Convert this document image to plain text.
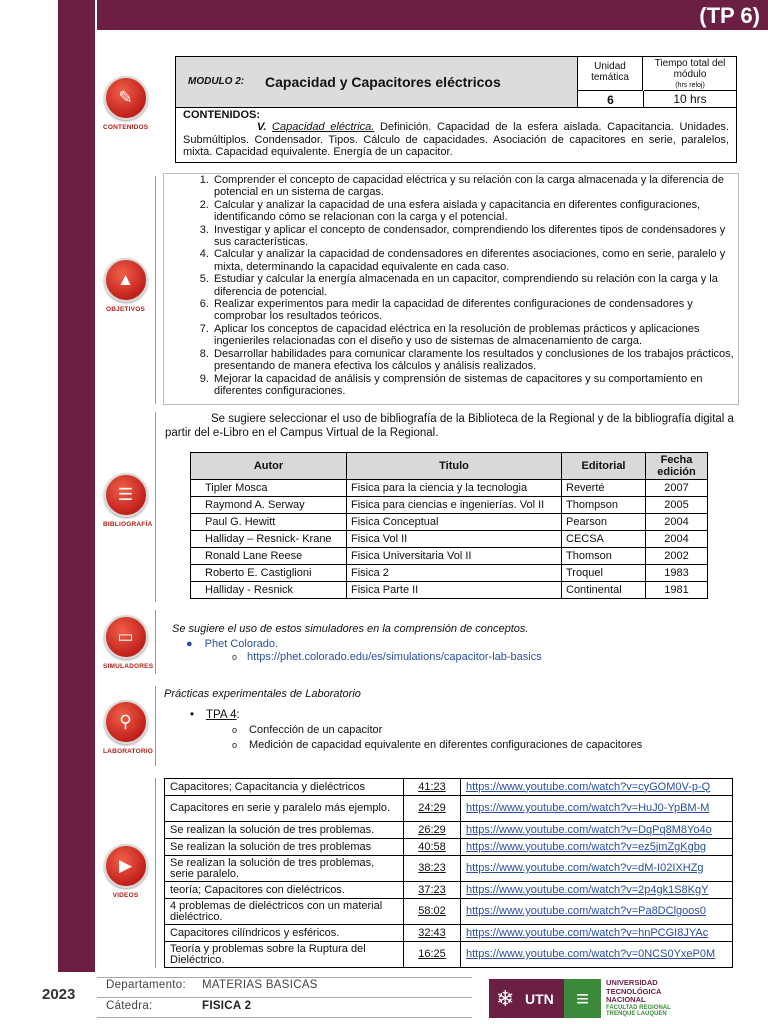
(TP 6)
✎
CONTENIDOS
▲
OBJETIVOS
☰
BIBLIOGRAFÍA
▭
SIMULADORES
⚲
LABORATORIO
▶
VIDEOS
MODULO 2: Capacidad y Capacitores eléctricos
Unidad temática
6
Tiempo total del módulo
(hrs reloj)
10 hrs
CONTENIDOS:
V. Capacidad eléctrica. Definición. Capacidad de la esfera aislada. Capacitancia. Unidades. Submúltiplos. Condensador. Tipos. Cálculo de capacidades. Asociación de capacitores en serie, paralelos, mixta. Capacidad equivalente. Energía de un capacitor.
1. Comprender el concepto de capacidad eléctrica y su relación con la carga almacenada y la diferencia de potencial en un sistema de cargas.
2. Calcular y analizar la capacidad de una esfera aislada y capacitancia en diferentes configuraciones, identificando cómo se relacionan con la carga y el potencial.
3. Investigar y aplicar el concepto de condensador, comprendiendo los diferentes tipos de condensadores y sus características.
4. Calcular y analizar la capacidad de condensadores en diferentes asociaciones, como en serie, paralelo y mixta, determinando la capacidad equivalente en cada caso.
5. Estudiar y calcular la energía almacenada en un capacitor, comprendiendo su relación con la carga y la diferencia de potencial.
6. Realizar experimentos para medir la capacidad de diferentes configuraciones de condensadores y comprobar los resultados teóricos.
7. Aplicar los conceptos de capacidad eléctrica en la resolución de problemas prácticos y aplicaciones ingenieriles relacionadas con el diseño y uso de sistemas de almacenamiento de carga.
8. Desarrollar habilidades para comunicar claramente los resultados y conclusiones de los trabajos prácticos, presentando de manera efectiva los cálculos y análisis realizados.
9. Mejorar la capacidad de análisis y comprensión de sistemas de capacitores y su comportamiento en diferentes configuraciones.
Se sugiere seleccionar el uso de bibliografía de la Biblioteca de la Regional y de la bibliografía digital a partir del e-Libro en el Campus Virtual de la Regional.
Autor	Titulo	Editorial	Fecha edición
Tipler Mosca	Fisica para la ciencia y la tecnologia	Reverté	2007
Raymond A. Serway	Fisica para ciencias e ingenierías. Vol II	Thompson	2005
Paul G. Hewitt	Fisica Conceptual	Pearson	2004
Halliday – Resnick- Krane	Fisica Vol II	CECSA	2004
Ronald Lane Reese	Fisica Universitaria Vol II	Thomson	2002
Roberto E. Castiglioni	Fisica 2	Troquel	1983
Halliday - Resnick	Fisica Parte II	Continental	1981
Se sugiere el uso de estos simuladores en la comprensión de conceptos.
● Phet Colorado.
o https://phet.colorado.edu/es/simulations/capacitor-lab-basics
Prácticas experimentales de Laboratorio
• TPA 4:
o Confección de un capacitor
o Medición de capacidad equivalente en diferentes configuraciones de capacitores
Capacitores; Capacitancia y dieléctricos	41:23	https://www.youtube.com/watch?v=cyGOM0V-p-Q
Capacitores en serie y paralelo más ejemplo.	24:29	https://www.youtube.com/watch?v=HuJ0-YpBM-M
Se realizan la solución de tres problemas.	26:29	https://www.youtube.com/watch?v=DqPq8M8Yo4o
Se realizan la solución de tres problemas	40:58	https://www.youtube.com/watch?v=ez5jmZgKgbg
Se realizan la solución de tres problemas, serie paralelo.	38:23	https://www.youtube.com/watch?v=dM-I02IXHZg
teoría; Capacitores con dieléctricos.	37:23	https://www.youtube.com/watch?v=2p4gk1S8KgY
4 problemas de dieléctricos con un material dieléctrico.	58:02	https://www.youtube.com/watch?v=Pa8DClgoos0
Capacitores cilíndricos y esféricos.	32:43	https://www.youtube.com/watch?v=hnPCGI8JYAc
Teoría y problemas sobre la Ruptura del Dieléctrico.	16:25	https://www.youtube.com/watch?v=0NCS0YxeP0M
2023
Departamento: MATERIAS BASICAS
Cátedra:	FISICA 2	❄ UTN	≡
UNIVERSIDAD
TECNOLÓGICA
NACIONAL
FACULTAD REGIONAL
TRENQUE LAUQUEN
